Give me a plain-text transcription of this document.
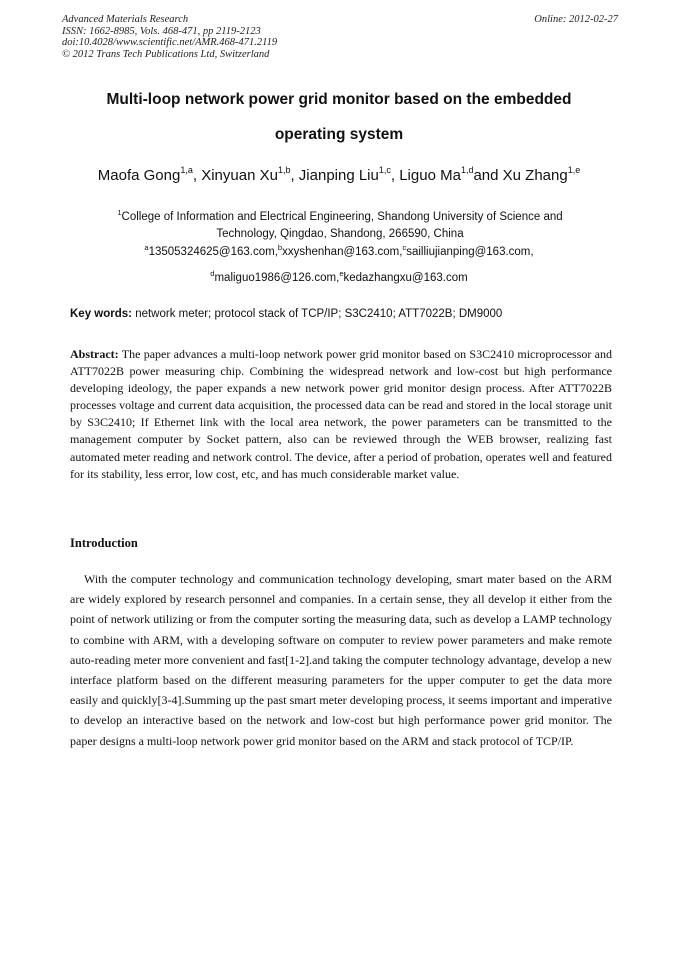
Advanced Materials Research
ISSN: 1662-8985, Vols. 468-471, pp 2119-2123
doi:10.4028/www.scientific.net/AMR.468-471.2119
© 2012 Trans Tech Publications Ltd, Switzerland
Online: 2012-02-27
Multi-loop network power grid monitor based on the embedded
operating system
Maofa Gong$^{1,a}$, Xinyuan Xu$^{1,b}$, Jianping Liu$^{1,c}$, Liguo Ma$^{1,d}$and Xu Zhang$^{1,e}$
$^1$College of Information and Electrical Engineering, Shandong University of Science and Technology, Qingdao, Shandong, 266590, China
$^a$13505324625@163.com,$^b$xxyshenhan@163.com,$^c$sailliujianping@163.com,
$^d$maliguo1986@126.com,$^e$kedazhangxu@163.com
Key words: network meter; protocol stack of TCP/IP; S3C2410; ATT7022B; DM9000
Abstract: The paper advances a multi-loop network power grid monitor based on S3C2410 microprocessor and ATT7022B power measuring chip. Combining the widespread network and low-cost but high performance developing ideology, the paper expands a new network power grid monitor design process. After ATT7022B processes voltage and current data acquisition, the processed data can be read and stored in the local storage unit by S3C2410; If Ethernet link with the local area network, the power parameters can be transmitted to the management computer by Socket pattern, also can be reviewed through the WEB browser, realizing fast automated meter reading and network control. The device, after a period of probation, operates well and featured for its stability, less error, low cost, etc, and has much considerable market value.
Introduction
With the computer technology and communication technology developing, smart mater based on the ARM are widely explored by research personnel and companies. In a certain sense, they all develop it either from the point of network utilizing or from the computer sorting the measuring data, such as develop a LAMP technology to combine with ARM, with a developing software on computer to review power parameters and make remote auto-reading meter more convenient and fast[1-2].and taking the computer technology advantage, develop a new interface platform based on the different measuring parameters for the upper computer to get the data more easily and quickly[3-4].Summing up the past smart meter developing process, it seems important and imperative to develop an interactive based on the network and low-cost but high performance power grid monitor. The paper designs a multi-loop network power grid monitor based on the ARM and stack protocol of TCP/IP.
